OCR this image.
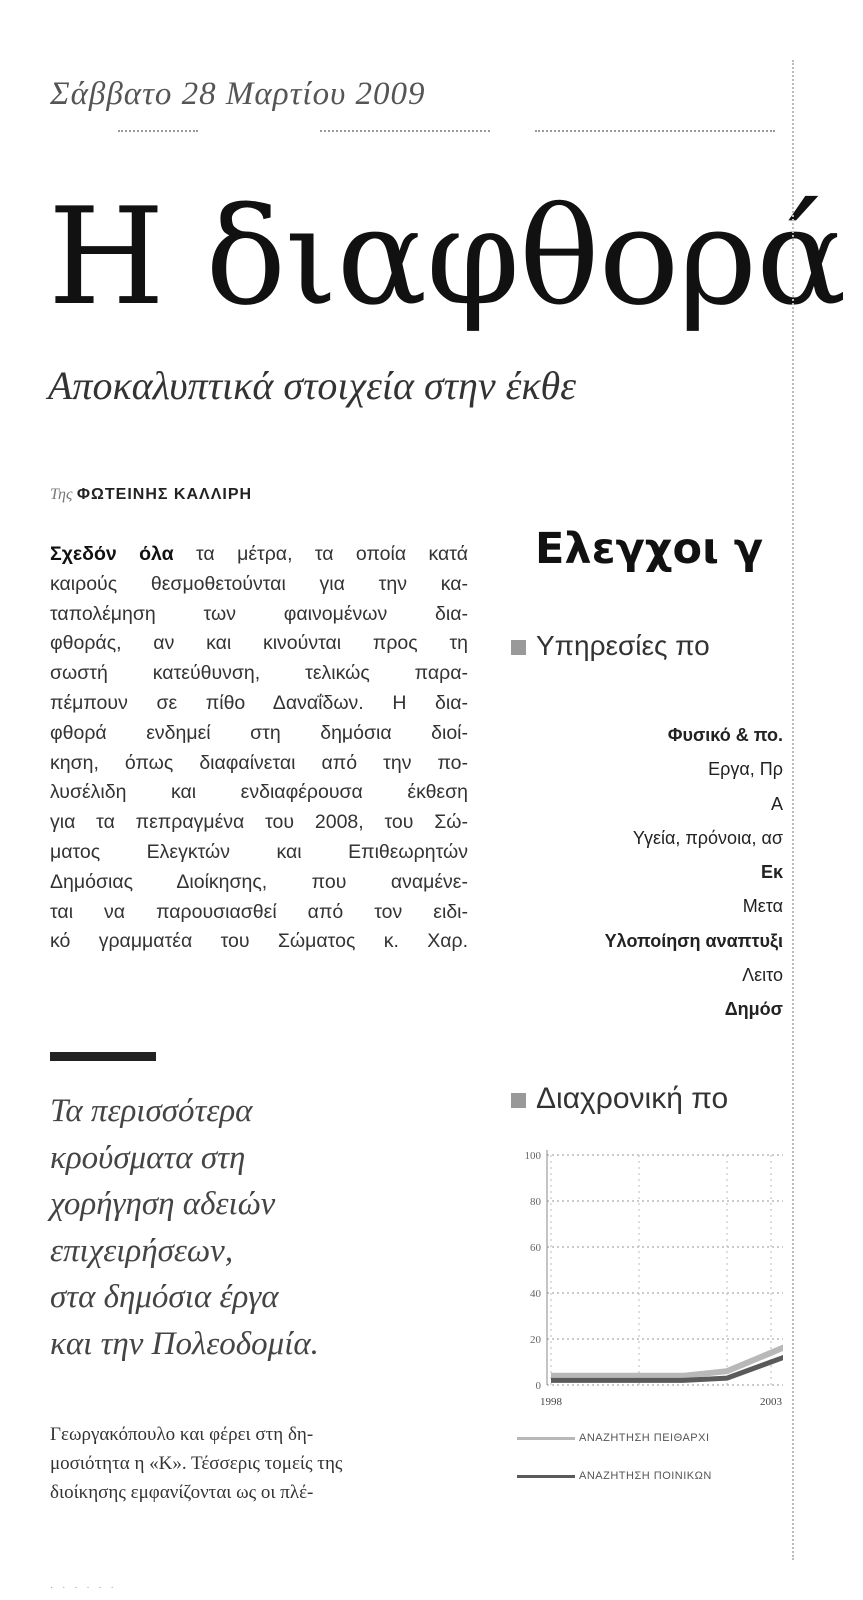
Σάββατο 28 Μαρτίου 2009
Η διαφθορά
Αποκαλυπτικά στοιχεία στην έκθε
Της ΦΩΤΕΙΝΗΣ ΚΑΛΛΙΡΗ
Σχεδόν όλα τα μέτρα, τα οποία κατά
καιρούς θεσμοθετούνται για την κα-
ταπολέμηση των φαινομένων δια-
φθοράς, αν και κινούνται προς τη
σωστή κατεύθυνση, τελικώς παρα-
πέμπουν σε πίθο Δαναΐδων. Η δια-
φθορά ενδημεί στη δημόσια διοί-
κηση, όπως διαφαίνεται από την πο-
λυσέλιδη και ενδιαφέρουσα έκθεση
για τα πεπραγμένα του 2008, του Σώ-
ματος Ελεγκτών και Επιθεωρητών
Δημόσιας Διοίκησης, που αναμένε-
ται να παρουσιασθεί από τον ειδι-
κό γραμματέα του Σώματος κ. Χαρ.
Τα περισσότερα
κρούσματα στη
χορήγηση αδειών
επιχειρήσεων,
στα δημόσια έργα
και την Πολεοδομία.
Γεωργακόπουλο και φέρει στη δη-
μοσιότητα η «Κ». Τέσσερις τομείς της
διοίκησης εμφανίζονται ως οι πλέ-
· · · · · ·
Ελεγχοι γ
Υπηρεσίες πο
Φυσικό & πο.
Εργα, Πρ
Α
Υγεία, πρόνοια, ασ
Εκ
Μετα
Υλοποίηση αναπτυξι
Λειτο
Δημόσ
Διαχρονική πο
0
20
40
60
80
100
1998	2003
ΑΝΑΖΗΤΗΣΗ ΠΕΙΘΑΡΧΙ
ΑΝΑΖΗΤΗΣΗ ΠΟΙΝΙΚΩΝ
